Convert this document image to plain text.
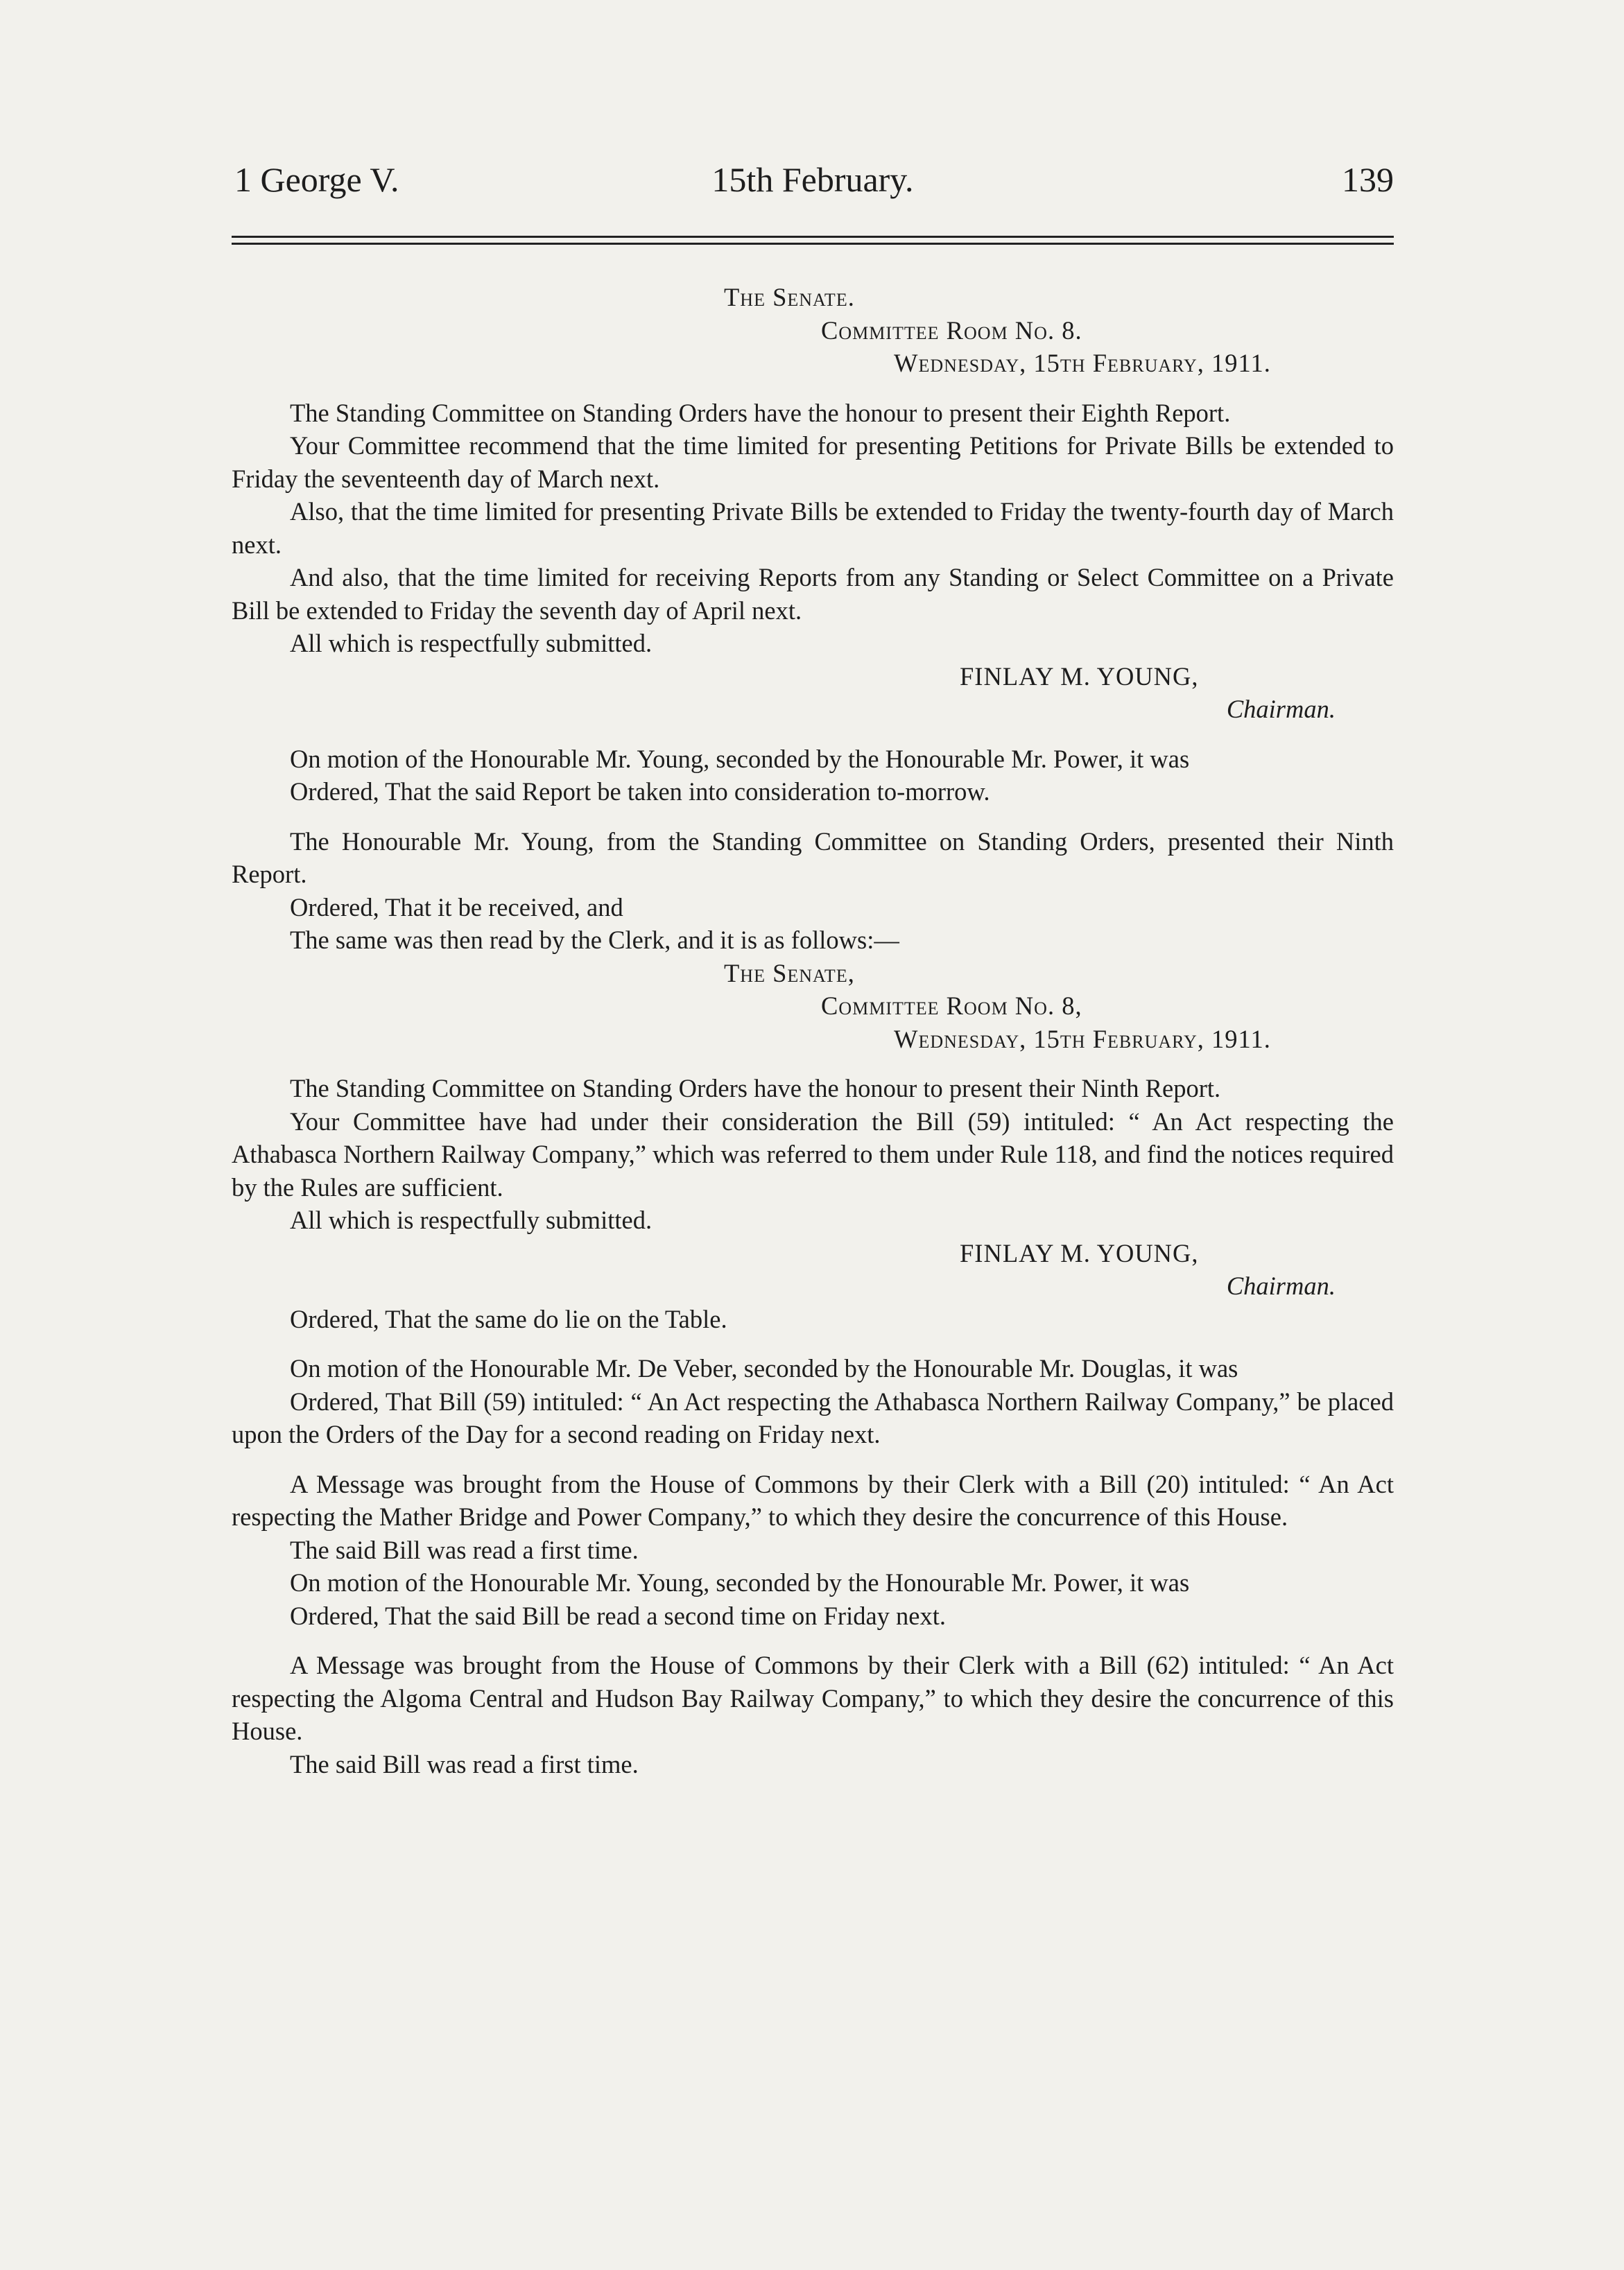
1 George V.	15th February.	139
The Senate.
Committee Room No. 8.
Wednesday, 15th February, 1911.

The Standing Committee on Standing Orders have the honour to present their Eighth Report.

Your Committee recommend that the time limited for presenting Petitions for Private Bills be extended to Friday the seventeenth day of March next.

Also, that the time limited for presenting Private Bills be extended to Friday the twenty-fourth day of March next.

And also, that the time limited for receiving Reports from any Standing or Select Committee on a Private Bill be extended to Friday the seventh day of April next.

All which is respectfully submitted.

FINLAY M. YOUNG,
Chairman.

On motion of the Honourable Mr. Young, seconded by the Honourable Mr. Power, it was

Ordered, That the said Report be taken into consideration to-morrow.

The Honourable Mr. Young, from the Standing Committee on Standing Orders, presented their Ninth Report.

Ordered, That it be received, and

The same was then read by the Clerk, and it is as follows:—

The Senate,
Committee Room No. 8,
Wednesday, 15th February, 1911.

The Standing Committee on Standing Orders have the honour to present their Ninth Report.

Your Committee have had under their consideration the Bill (59) intituled: “ An Act respecting the Athabasca Northern Railway Company,” which was referred to them under Rule 118, and find the notices required by the Rules are sufficient.

All which is respectfully submitted.

FINLAY M. YOUNG,
Chairman.

Ordered, That the same do lie on the Table.

On motion of the Honourable Mr. De Veber, seconded by the Honourable Mr. Douglas, it was

Ordered, That Bill (59) intituled: “ An Act respecting the Athabasca Northern Railway Company,” be placed upon the Orders of the Day for a second reading on Friday next.

A Message was brought from the House of Commons by their Clerk with a Bill (20) intituled: “ An Act respecting the Mather Bridge and Power Company,” to which they desire the concurrence of this House.

The said Bill was read a first time.

On motion of the Honourable Mr. Young, seconded by the Honourable Mr. Power, it was

Ordered, That the said Bill be read a second time on Friday next.

A Message was brought from the House of Commons by their Clerk with a Bill (62) intituled: “ An Act respecting the Algoma Central and Hudson Bay Railway Company,” to which they desire the concurrence of this House.

The said Bill was read a first time.
